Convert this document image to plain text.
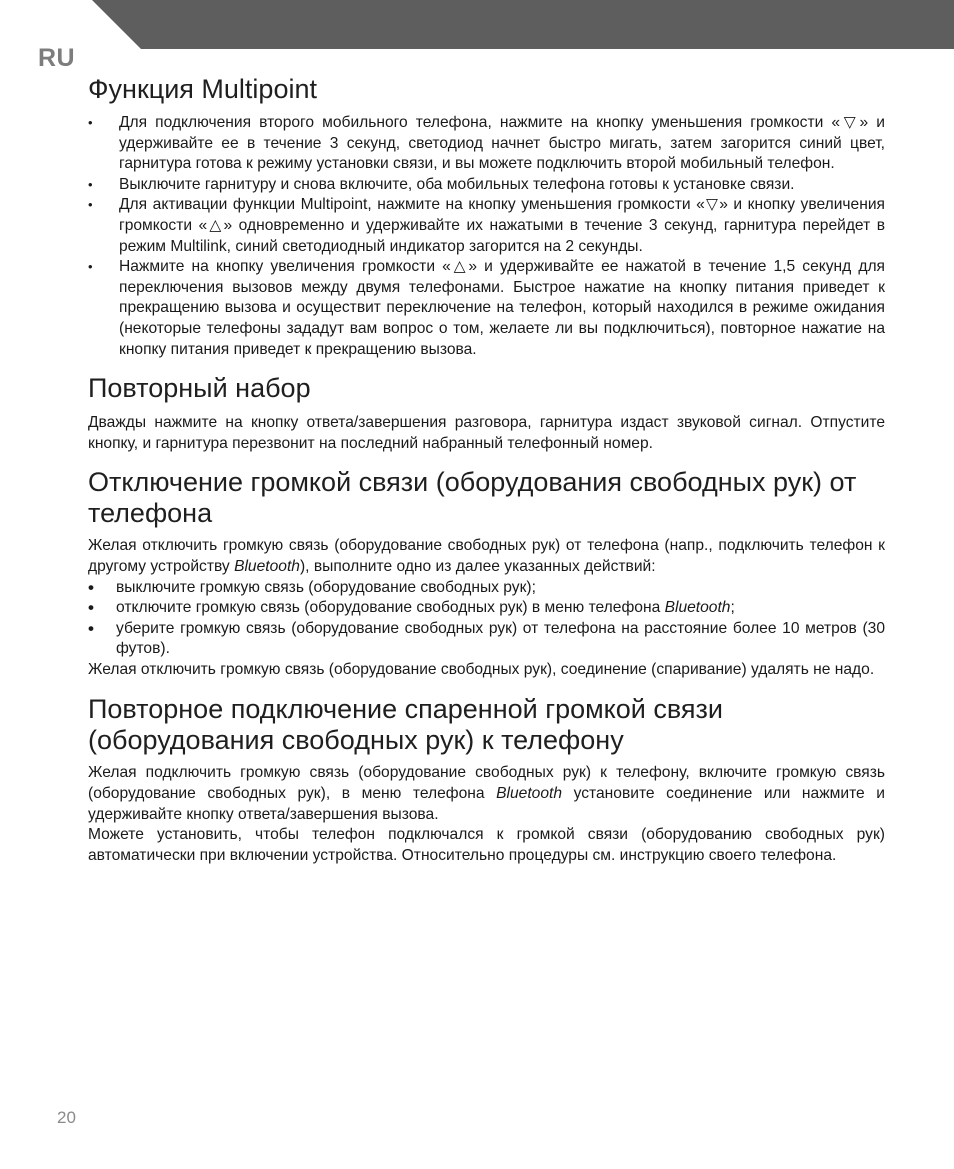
RU
Функция Multipoint
• Для подключения второго мобильного телефона, нажмите на кнопку уменьшения громкости «▽» и удерживайте ее в течение 3 секунд, светодиод начнет быстро мигать, затем загорится синий цвет, гарнитура готова к режиму установки связи, и вы можете подключить второй мобильный телефон.
• Выключите гарнитуру и снова включите, оба мобильных телефона готовы к установке связи.
• Для активации функции Multipoint, нажмите на кнопку уменьшения громкости «▽» и кнопку увеличения громкости «△» одновременно и удерживайте их нажатыми в течение 3 секунд, гарнитура перейдет в режим Multilink, синий светодиодный индикатор загорится на 2 секунды.
• Нажмите на кнопку увеличения громкости «△» и удерживайте ее нажатой в течение 1,5 секунд для переключения вызовов между двумя телефонами. Быстрое нажатие на кнопку питания приведет к прекращению вызова и осуществит переключение на телефон, который находился в режиме ожидания (некоторые телефоны зададут вам вопрос о том, желаете ли вы подключиться), повторное нажатие на кнопку питания приведет к прекращению вызова.
Повторный набор

Дважды нажмите на кнопку ответа/завершения разговора, гарнитура издаст звуковой сигнал. Отпустите кнопку, и гарнитура перезвонит на последний набранный телефонный номер.

Отключение громкой связи (оборудования свободных рук) от телефона

Желая отключить громкую связь (оборудование свободных рук) от телефона (напр., подключить телефон к другому устройству Bluetooth), выполните одно из далее указанных действий:

• выключите громкую связь (оборудование свободных рук);
• отключите громкую связь (оборудование свободных рук) в меню телефона Bluetooth;
• уберите громкую связь (оборудование свободных рук) от телефона на расстояние более 10 метров (30 футов).

Желая отключить громкую связь (оборудование свободных рук), соединение (спаривание) удалять не надо.

Повторное подключение спаренной громкой связи (оборудования свободных рук) к телефону

Желая подключить громкую связь (оборудование свободных рук) к телефону, включите громкую связь (оборудование свободных рук), в меню телефона Bluetooth установите соединение или нажмите и удерживайте кнопку ответа/завершения вызова.

Можете установить, чтобы телефон подключался к громкой связи (оборудованию свободных рук) автоматически при включении устройства. Относительно процедуры см. инструкцию своего телефона.

20
